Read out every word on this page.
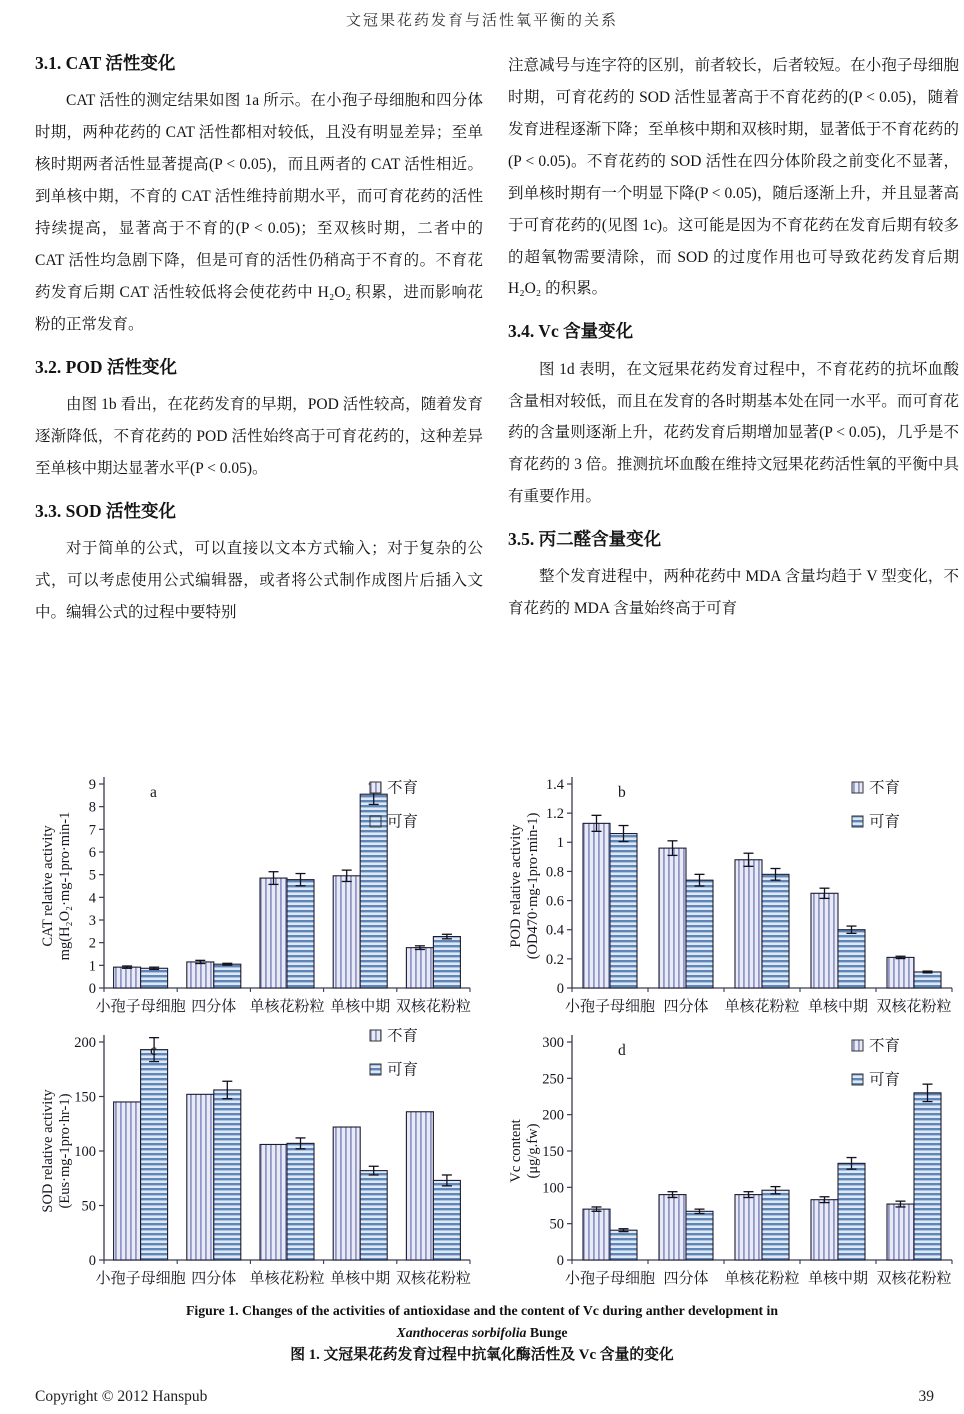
文冠果花药发育与活性氧平衡的关系
3.1. CAT 活性变化

CAT 活性的测定结果如图 1a 所示。在小孢子母细胞和四分体时期，两种花药的 CAT 活性都相对较低，且没有明显差异；至单核时期两者活性显著提高(P < 0.05)，而且两者的 CAT 活性相近。到单核中期，不育的 CAT 活性维持前期水平，而可育花药的活性持续提高，显著高于不育的(P < 0.05)；至双核时期，二者中的 CAT 活性均急剧下降，但是可育的活性仍稍高于不育的。不育花药发育后期 CAT 活性较低将会使花药中 H₂O₂ 积累，进而影响花粉的正常发育。

3.2. POD 活性变化

由图 1b 看出，在花药发育的早期，POD 活性较高，随着发育逐渐降低，不育花药的 POD 活性始终高于可育花药的，这种差异至单核中期达显著水平(P < 0.05)。

3.3. SOD 活性变化

对于简单的公式，可以直接以文本方式输入；对于复杂的公式，可以考虑使用公式编辑器，或者将公式制作成图片后插入文中。编辑公式的过程中要特别

注意减号与连字符的区别，前者较长，后者较短。在小孢子母细胞时期，可育花药的 SOD 活性显著高于不育花药的(P < 0.05)，随着发育进程逐渐下降；至单核中期和双核时期，显著低于不育花药的(P < 0.05)。不育花药的 SOD 活性在四分体阶段之前变化不显著，到单核时期有一个明显下降(P < 0.05)，随后逐渐上升，并且显著高于可育花药的(见图 1c)。这可能是因为不育花药在发育后期有较多的超氧物需要清除，而 SOD 的过度作用也可导致花药发育后期 H₂O₂ 的积累。

3.4. Vc 含量变化

图 1d 表明，在文冠果花药发育过程中，不育花药的抗坏血酸含量相对较低，而且在发育的各时期基本处在同一水平。而可育花药的含量则逐渐上升，花药发育后期增加显著(P < 0.05)，几乎是不育花药的 3 倍。推测抗坏血酸在维持文冠果花药活性氧的平衡中具有重要作用。

3.5. 丙二醛含量变化

整个发育进程中，两种花药中 MDA 含量均趋于 V 型变化，不育花药的 MDA 含量始终高于可育

0
1
2
3
4
5
6
7
8
9
小孢子母细胞 四分体 单核花粉粒 单核中期 双核花粉粒
a	不育
可育
CAT relative activity mg(H₂O₂·mg-1pro·min-1
0
0.2
0.4
0.6
0.8
1
1.2
1.4
小孢子母细胞 四分体 单核花粉粒 单核中期 双核花粉粒
b	不育
可育
POD relative activity (OD470·mg-1pro·min-1)
0
50
100
150
200
小孢子母细胞 四分体 单核花粉粒 单核中期 双核花粉粒
c
不育
可育
SOD relative activity (Eus·mg-1pro·hr-1)
0
50
100
150
200
250
300
小孢子母细胞 四分体 单核花粉粒 单核中期 双核花粉粒
d	不育
可育
Vc content (μg/g.fw)
Figure 1. Changes of the activities of antioxidase and the content of Vc during anther development in
Xanthoceras sorbifolia Bunge
图 1. 文冠果花药发育过程中抗氧化酶活性及 Vc 含量的变化
Copyright © 2012 Hanspub	39
